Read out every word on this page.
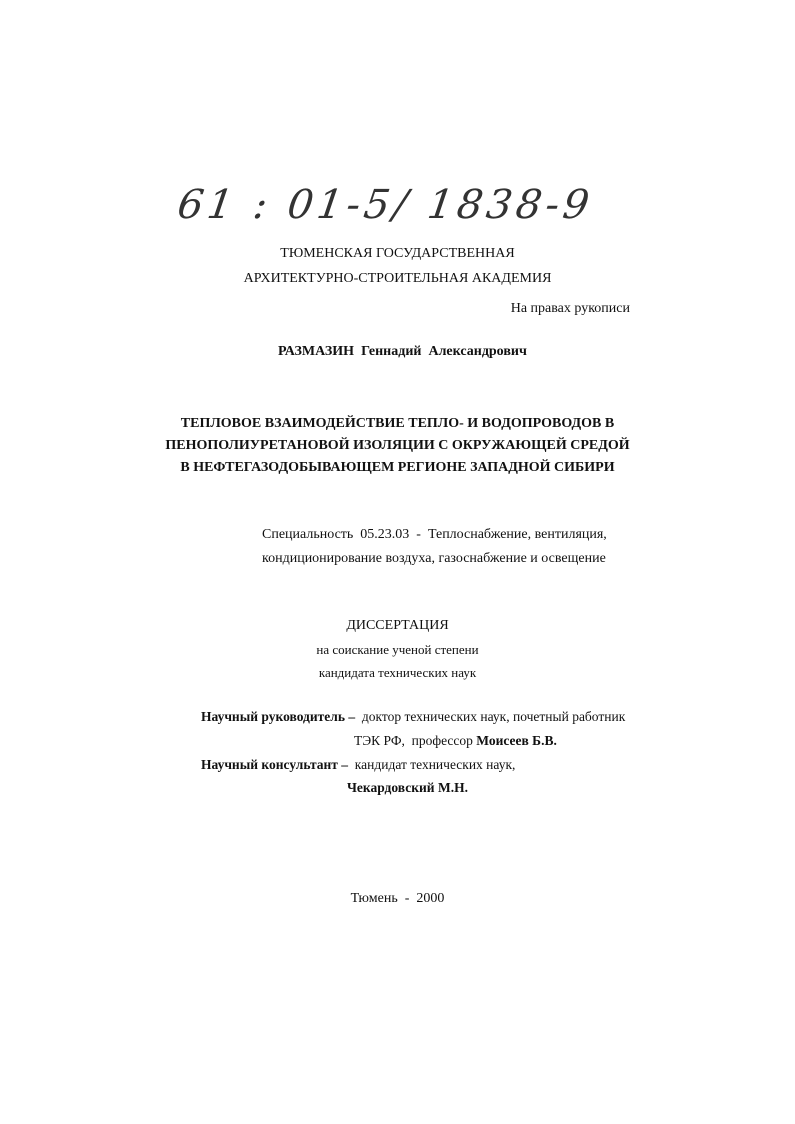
61 : 01-5/ 1838-9
ТЮМЕНСКАЯ ГОСУДАРСТВЕННАЯ
АРХИТЕКТУРНО-СТРОИТЕЛЬНАЯ АКАДЕМИЯ
На правах рукописи
РАЗМАЗИН Геннадий  Александрович
ТЕПЛОВОЕ ВЗАИМОДЕЙСТВИЕ ТЕПЛО- И ВОДОПРОВОДОВ В
ПЕНОПОЛИУРЕТАНОВОЙ ИЗОЛЯЦИИ С ОКРУЖАЮЩЕЙ СРЕДОЙ
В НЕФТЕГАЗОДОБЫВАЮЩЕМ РЕГИОНЕ ЗАПАДНОЙ СИБИРИ
Специальность  05.23.03  -  Теплоснабжение, вентиляция,
кондиционирование воздуха, газоснабжение и освещение
ДИССЕРТАЦИЯ
на соискание ученой степени
кандидата технических наук
Научный руководитель – доктор технических наук, почетный работник
ТЭК РФ,  профессор Моисеев Б.В.
Научный консультант – кандидат технических наук,
Чекардовский М.Н.
Тюмень  -  2000
